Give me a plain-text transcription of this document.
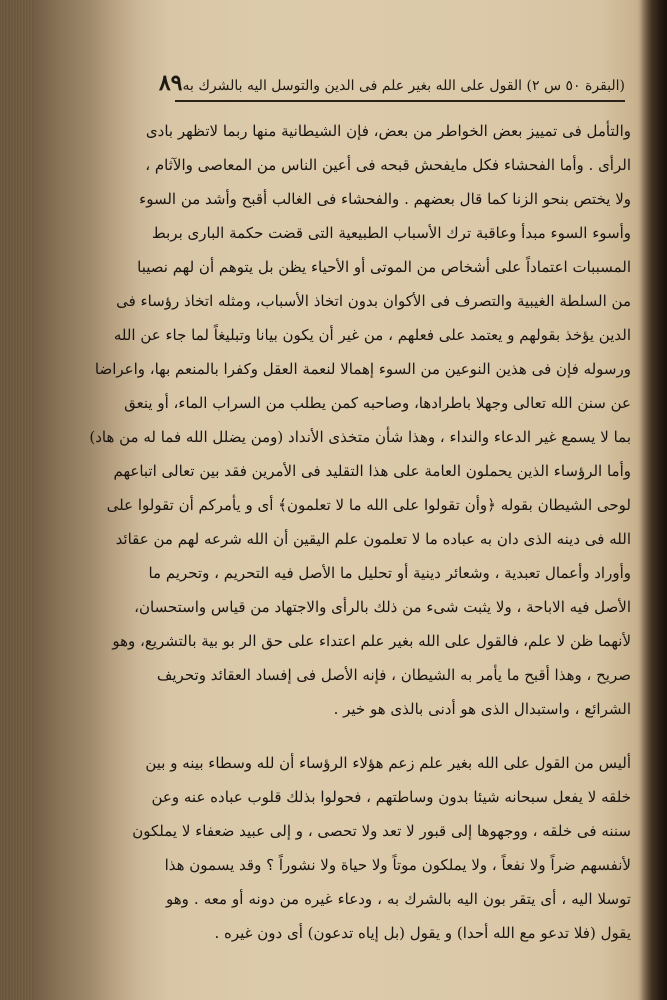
(البقرة ٥٠ س ٢) القول على الله بغير علم فى الدين والتوسل اليه بالشرك به
٨٩
والتأمل فى تمييز بعض الخواطر من بعض، فإن الشيطانية منها ربما لاتظهر بادى
الرأى . وأما الفحشاء فكل مايفحش قبحه فى أعين الناس من المعاصى والآثام ،
ولا يختص بنحو الزنا كما قال بعضهم . والفحشاء فى الغالب أقبح وأشد من السوء
وأسوء السوء مبدأ وعاقبة ترك الأسباب الطبيعية التى قضت حكمة البارى بربط
المسببات اعتماداً على أشخاص من الموتى أو الأحياء يظن بل يتوهم أن لهم نصيبا
من السلطة الغيبية والتصرف فى الأكوان بدون اتخاذ الأسباب، ومثله اتخاذ رؤساء فى
الدين يؤخذ بقولهم و يعتمد على فعلهم ، من غير أن يكون بيانا وتبليغاً لما جاء عن الله
ورسوله فإن فى هذين النوعين من السوء إهمالا لنعمة العقل وكفرا بالمنعم بها، واعراضا
عن سنن الله تعالى وجهلا باطرادها، وصاحبه كمن يطلب من السراب الماء، أو ينعق
بما لا يسمع غير الدعاء والنداء ، وهذا شأن متخذى الأنداد (ومن يضلل الله فما له من هاد)
وأما الرؤساء الذين يحملون العامة على هذا التقليد فى الأمرين فقد بين تعالى اتباعهم
لوحى الشيطان بقوله ﴿وأن تقولوا على الله ما لا تعلمون﴾ أى و يأمركم أن تقولوا على
الله فى دينه الذى دان به عباده ما لا تعلمون علم اليقين أن الله شرعه لهم من عقائد
وأوراد وأعمال تعبدية ، وشعائر دينية أو تحليل ما الأصل فيه التحريم ، وتحريم ما
الأصل فيه الاباحة ، ولا يثبت شىء من ذلك بالرأى والاجتهاد من قياس واستحسان،
لأنهما ظن لا علم، فالقول على الله بغير علم اعتداء على حق الر بو بية بالتشريع، وهو
صريح ، وهذا أقبح ما يأمر به الشيطان ، فإنه الأصل فى إفساد العقائد وتحريف
الشرائع ، واستبدال الذى هو أدنى بالذى هو خير .
أليس من القول على الله بغير علم زعم هؤلاء الرؤساء أن لله وسطاء بينه و بين
خلقه لا يفعل سبحانه شيئا بدون وساطتهم ، فحولوا بذلك قلوب عباده عنه وعن
سننه فى خلقه ، ووجهوها إلى قبور لا تعد ولا تحصى ، و إلى عبيد ضعفاء لا يملكون
لأنفسهم ضراً ولا نفعاً ، ولا يملكون موتاً ولا حياة ولا نشوراً ؟ وقد يسمون هذا
توسلا اليه ، أى يتقر بون اليه بالشرك به ، ودعاء غيره من دونه أو معه . وهو
يقول (فلا تدعو مع الله أحدا) و يقول (بل إياه تدعون) أى دون غيره .
